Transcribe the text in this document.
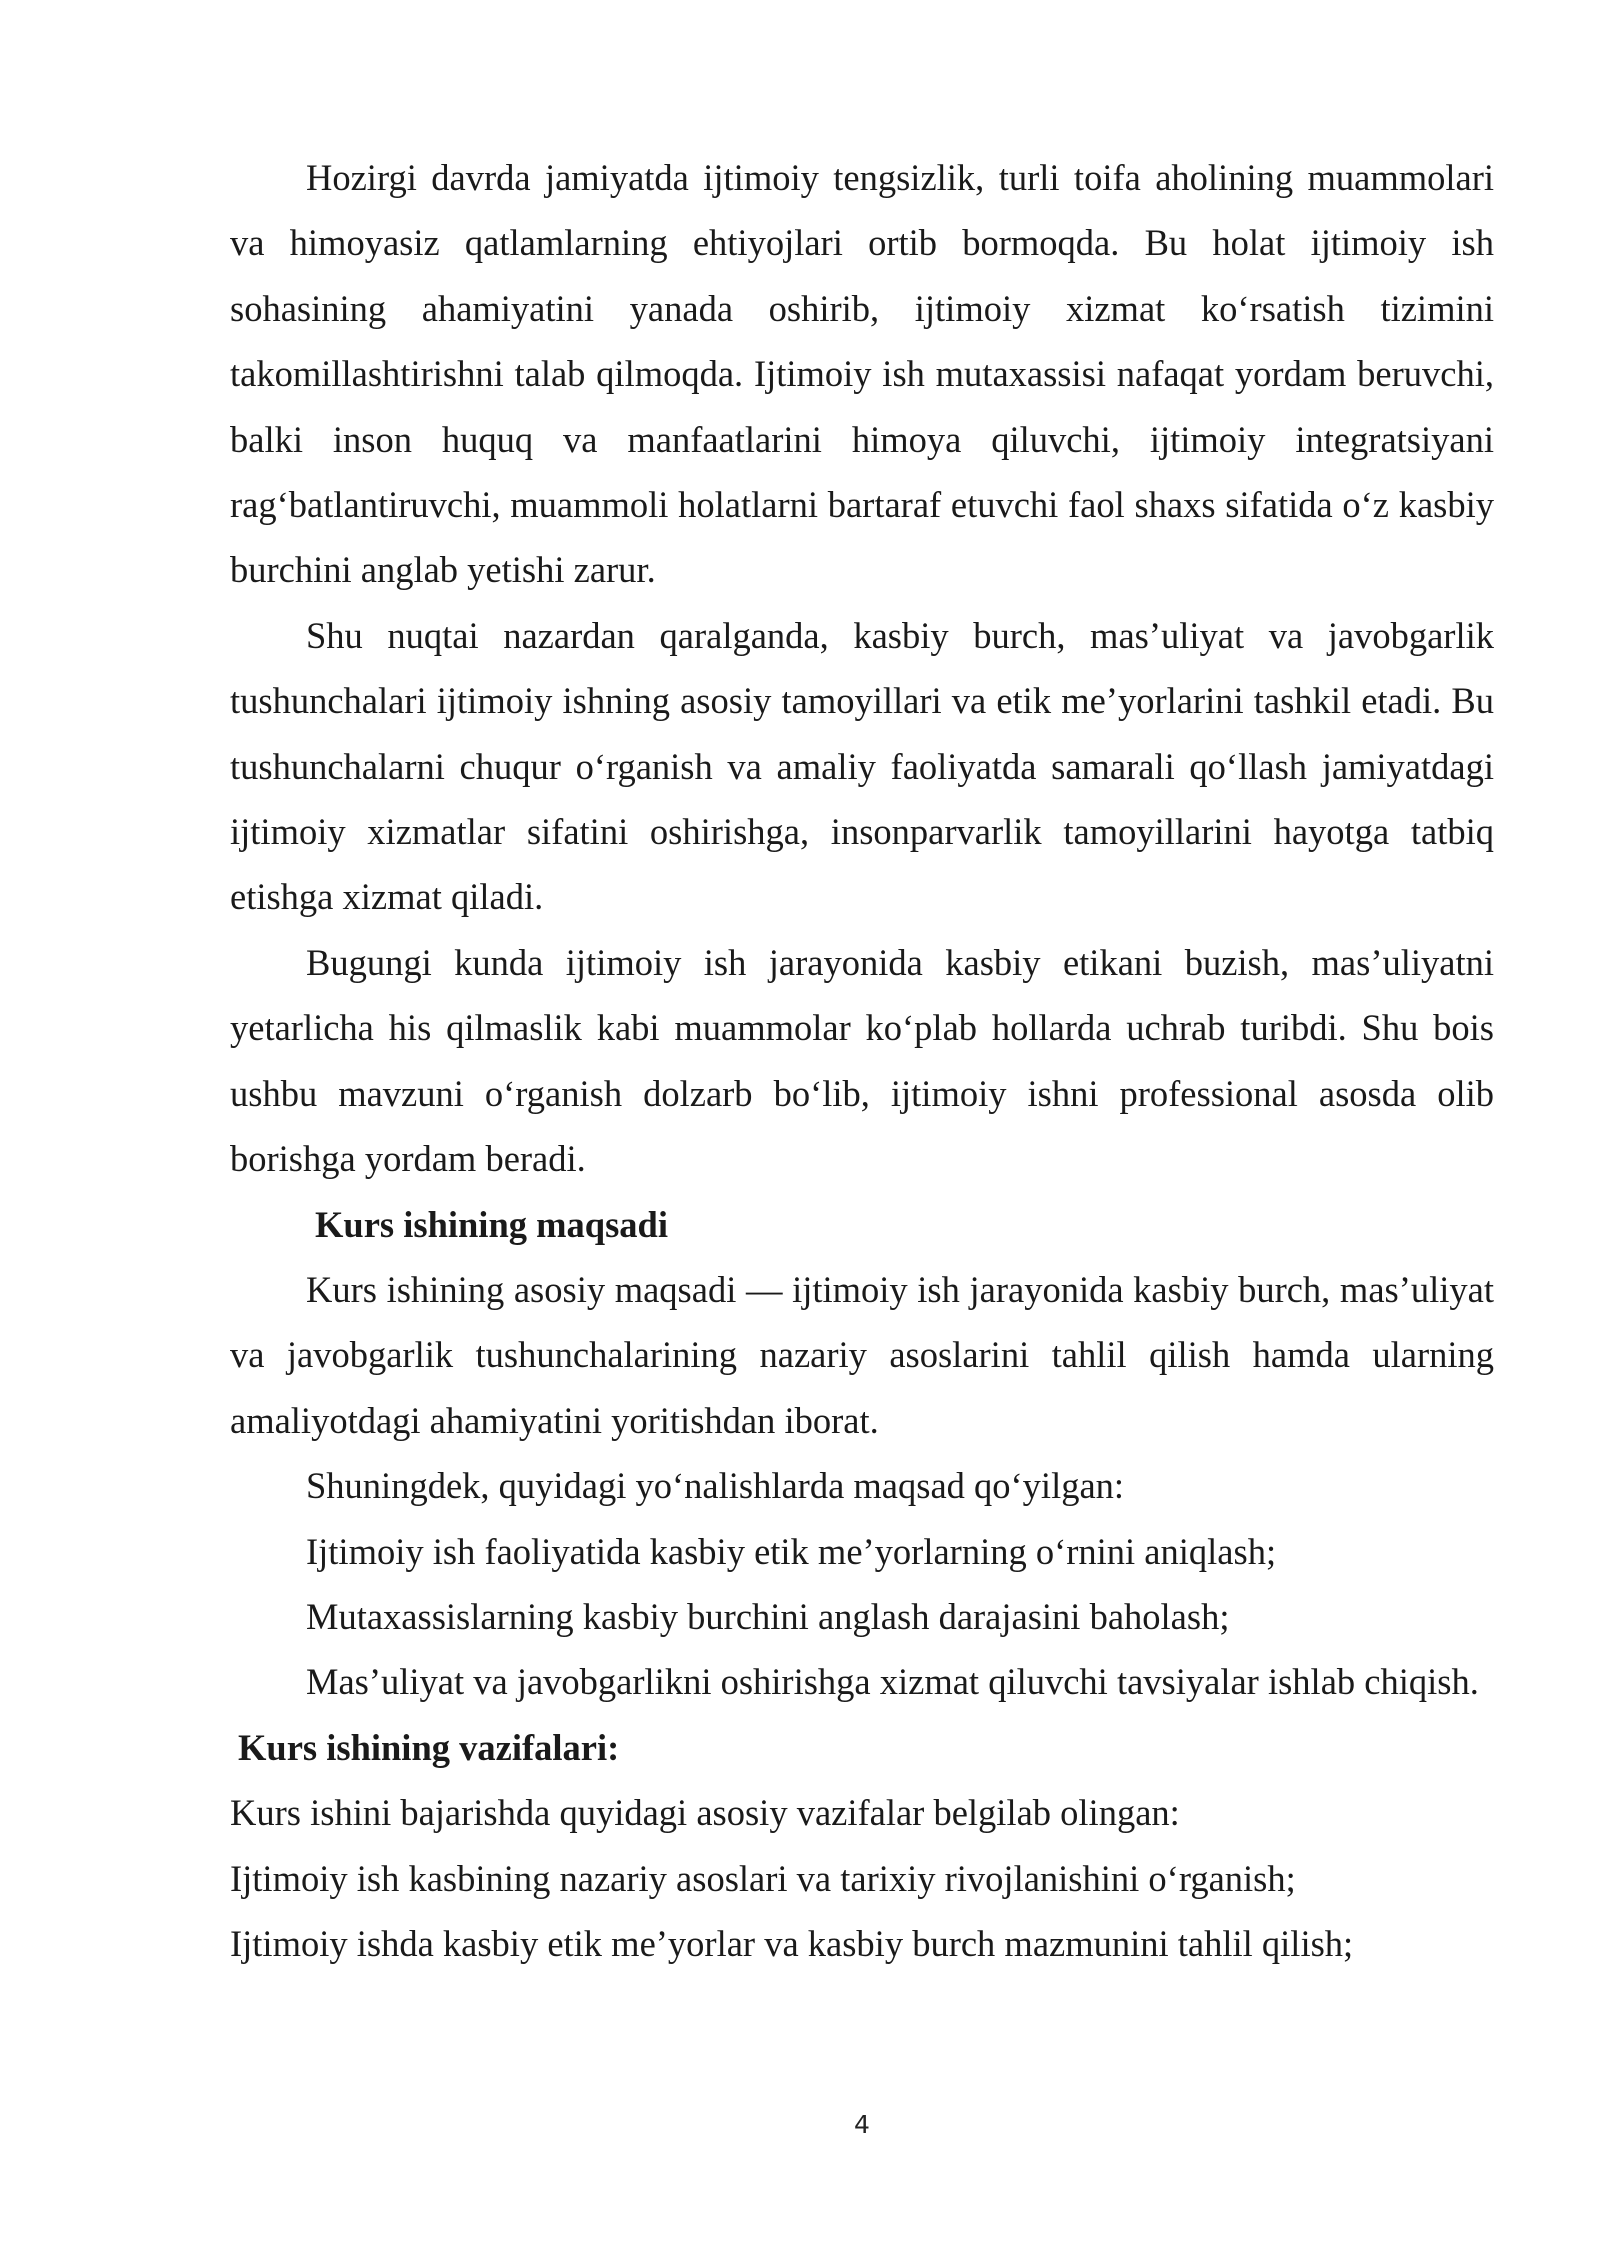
Hozirgi davrda jamiyatda ijtimoiy tengsizlik, turli toifa aholining muammolari va himoyasiz qatlamlarning ehtiyojlari ortib bormoqda. Bu holat ijtimoiy ish sohasining ahamiyatini yanada oshirib, ijtimoiy xizmat ko‘rsatish tizimini takomillashtirishni talab qilmoqda. Ijtimoiy ish mutaxassisi nafaqat yordam beruvchi, balki inson huquq va manfaatlarini himoya qiluvchi, ijtimoiy integratsiyani rag‘batlantiruvchi, muammoli holatlarni bartaraf etuvchi faol shaxs sifatida o‘z kasbiy burchini anglab yetishi zarur.

Shu nuqtai nazardan qaralganda, kasbiy burch, mas’uliyat va javobgarlik tushunchalari ijtimoiy ishning asosiy tamoyillari va etik me’yorlarini tashkil etadi. Bu tushunchalarni chuqur o‘rganish va amaliy faoliyatda samarali qo‘llash jamiyatdagi ijtimoiy xizmatlar sifatini oshirishga, insonparvarlik tamoyillarini hayotga tatbiq etishga xizmat qiladi.

Bugungi kunda ijtimoiy ish jarayonida kasbiy etikani buzish, mas’uliyatni yetarlicha his qilmaslik kabi muammolar ko‘plab hollarda uchrab turibdi. Shu bois ushbu mavzuni o‘rganish dolzarb bo‘lib, ijtimoiy ishni professional asosda olib borishga yordam beradi.

Kurs ishining maqsadi

Kurs ishining asosiy maqsadi — ijtimoiy ish jarayonida kasbiy burch, mas’uliyat va javobgarlik tushunchalarining nazariy asoslarini tahlil qilish hamda ularning amaliyotdagi ahamiyatini yoritishdan iborat.

Shuningdek, quyidagi yo‘nalishlarda maqsad qo‘yilgan:

Ijtimoiy ish faoliyatida kasbiy etik me’yorlarning o‘rnini aniqlash;

Mutaxassislarning kasbiy burchini anglash darajasini baholash;

Mas’uliyat va javobgarlikni oshirishga xizmat qiluvchi tavsiyalar ishlab chiqish.

Kurs ishining vazifalari:

Kurs ishini bajarishda quyidagi asosiy vazifalar belgilab olingan:

Ijtimoiy ish kasbining nazariy asoslari va tarixiy rivojlanishini o‘rganish;

Ijtimoiy ishda kasbiy etik me’yorlar va kasbiy burch mazmunini tahlil qilish;

4
